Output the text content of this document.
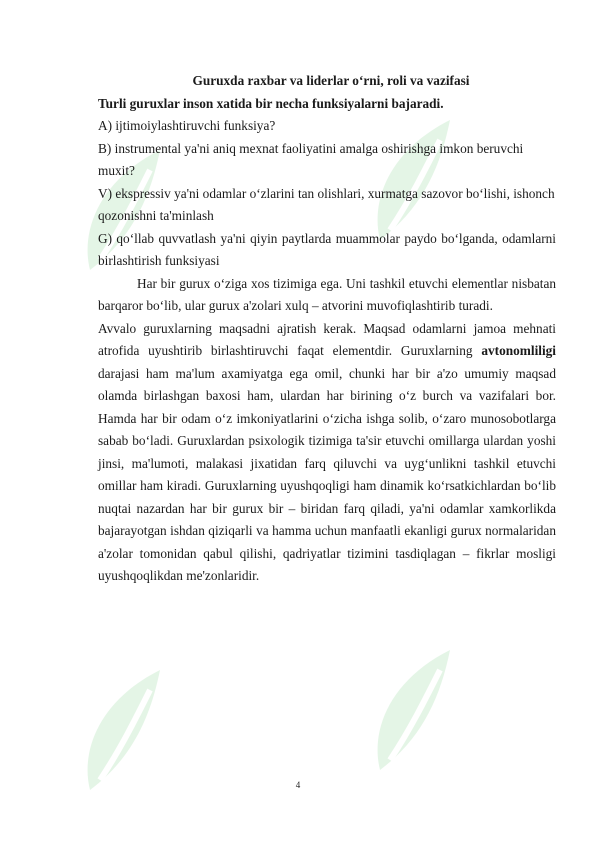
Guruxda raxbar va liderlar o‘rni, roli va vazifasi

Turli guruxlar inson xatida bir necha funksiyalarni bajaradi.

A) ijtimoiylashtiruvchi funksiya?

B) instrumental ya'ni aniq mexnat faoliyatini amalga oshirishga imkon beruvchi muxit?

V) ekspressiv ya'ni odamlar o‘zlarini tan olishlari, xurmatga sazovor bo‘lishi, ishonch qozonishni ta'minlash

G) qo‘llab quvvatlash ya'ni qiyin paytlarda muammolar paydo bo‘lganda, odamlarni birlashtirish funksiyasi

Har bir gurux o‘ziga xos tizimiga ega. Uni tashkil etuvchi elementlar nisbatan barqaror bo‘lib, ular gurux a'zolari xulq – atvorini muvofiqlashtirib turadi.

Avvalo guruxlarning maqsadni ajratish kerak. Maqsad odamlarni jamoa mehnati atrofida uyushtirib birlashtiruvchi faqat elementdir. Guruxlarning avtonomliligi darajasi ham ma'lum axamiyatga ega omil, chunki har bir a'zo umumiy maqsad olamda birlashgan baxosi ham, ulardan har birining o‘z burch va vazifalari bor. Hamda har bir odam o‘z imkoniyatlarini o‘zicha ishga solib, o‘zaro munosobotlarga sabab bo‘ladi. Guruxlardan psixologik tizimiga ta'sir etuvchi omillarga ulardan yoshi jinsi, ma'lumoti, malakasi jixatidan farq qiluvchi va uyg‘unlikni tashkil etuvchi omillar ham kiradi. Guruxlarning uyushqoqligi ham dinamik ko‘rsatkichlardan bo‘lib nuqtai nazardan har bir gurux bir – biridan farq qiladi, ya'ni odamlar xamkorlikda bajarayotgan ishdan qiziqarli va hamma uchun manfaatli ekanligi gurux normalaridan a'zolar tomonidan qabul qilishi, qadriyatlar tizimini tasdiqlagan – fikrlar mosligi uyushqoqlikdan me'zonlaridir.

4
